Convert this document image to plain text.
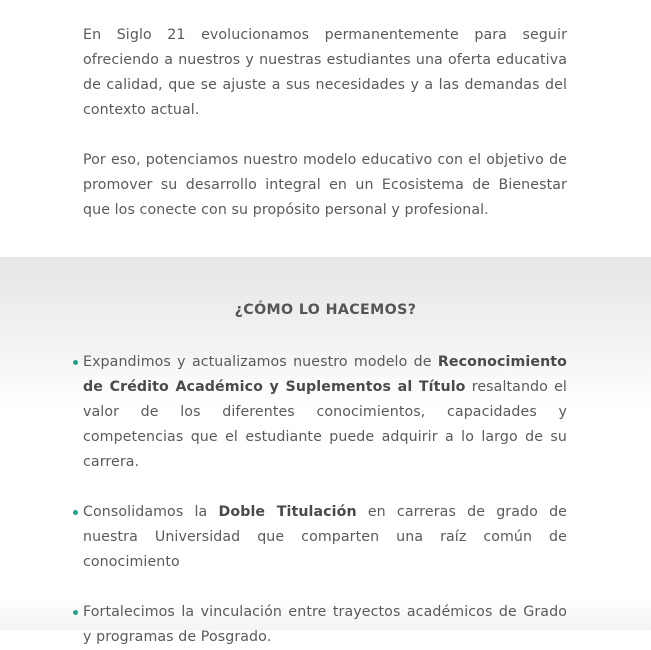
En Siglo 21 evolucionamos permanentemente para seguir ofreciendo a nuestros y nuestras estudiantes una oferta educativa de calidad, que se ajuste a sus necesidades y a las demandas del contexto actual.

Por eso, potenciamos nuestro modelo educativo con el objetivo de promover su desarrollo integral en un Ecosistema de Bienestar que los conecte con su propósito personal y profesional.

¿CÓMO LO HACEMOS?
Expandimos y actualizamos nuestro modelo de Reconocimiento de Crédito Académico y Suplementos al Título resaltando el valor de los diferentes conocimientos, capacidades y competencias que el estudiante puede adquirir a lo largo de su carrera.
Consolidamos la Doble Titulación en carreras de grado de nuestra Universidad que comparten una raíz común de conocimiento
Fortalecimos la vinculación entre trayectos académicos de Grado y programas de Posgrado.
